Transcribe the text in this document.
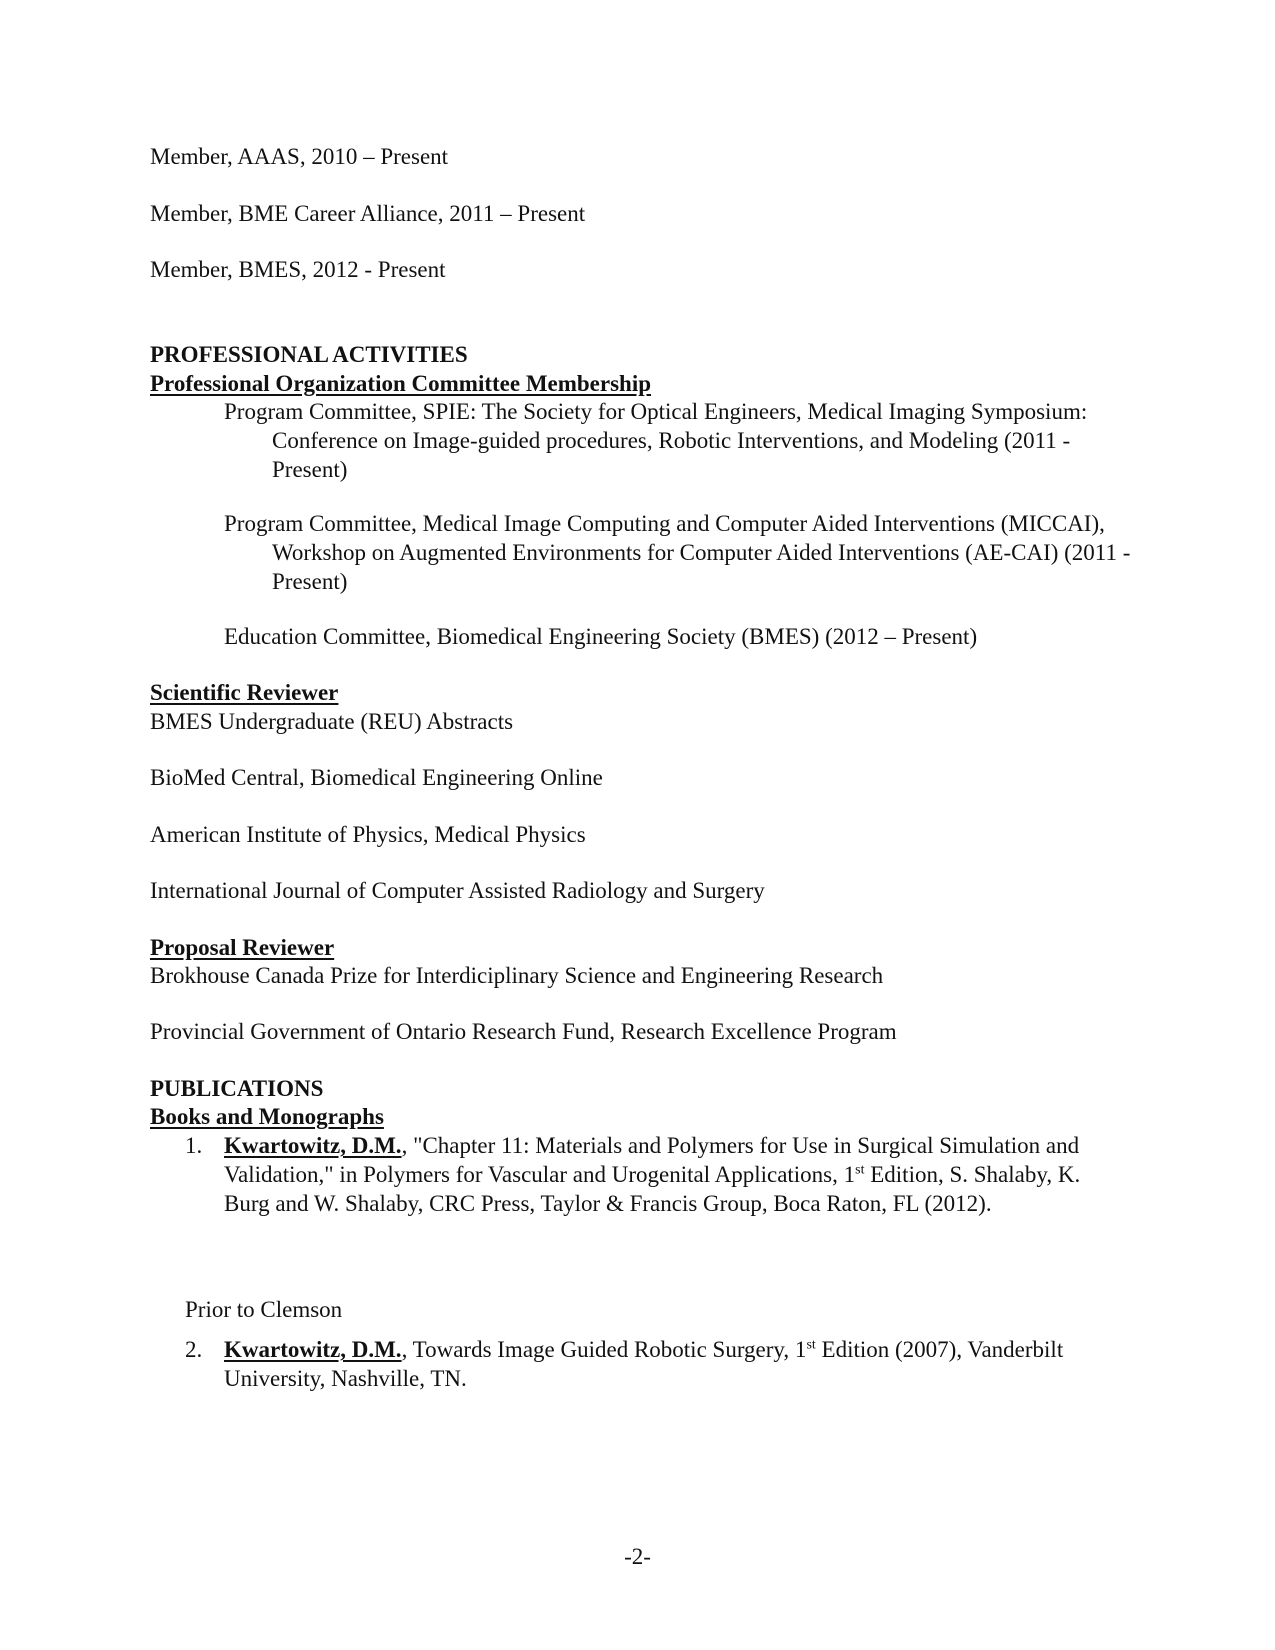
Member, AAAS, 2010 – Present
Member, BME Career Alliance, 2011 – Present
Member, BMES, 2012 - Present
PROFESSIONAL ACTIVITIES
Professional Organization Committee Membership
Program Committee, SPIE: The Society for Optical Engineers, Medical Imaging Symposium: Conference on Image-guided procedures, Robotic Interventions, and Modeling (2011 - Present)
Program Committee, Medical Image Computing and Computer Aided Interventions (MICCAI), Workshop on Augmented Environments for Computer Aided Interventions (AE-CAI) (2011 - Present)
Education Committee, Biomedical Engineering Society (BMES) (2012 – Present)
Scientific Reviewer
BMES Undergraduate (REU) Abstracts
BioMed Central, Biomedical Engineering Online
American Institute of Physics, Medical Physics
International Journal of Computer Assisted Radiology and Surgery
Proposal Reviewer
Brokhouse Canada Prize for Interdiciplinary Science and Engineering Research
Provincial Government of Ontario Research Fund, Research Excellence Program
PUBLICATIONS
Books and Monographs
1. Kwartowitz, D.M., "Chapter 11: Materials and Polymers for Use in Surgical Simulation and Validation," in Polymers for Vascular and Urogenital Applications, 1st Edition, S. Shalaby, K. Burg and W. Shalaby, CRC Press, Taylor & Francis Group, Boca Raton, FL (2012).
Prior to Clemson
2. Kwartowitz, D.M., Towards Image Guided Robotic Surgery, 1st Edition (2007), Vanderbilt University, Nashville, TN.
-2-
